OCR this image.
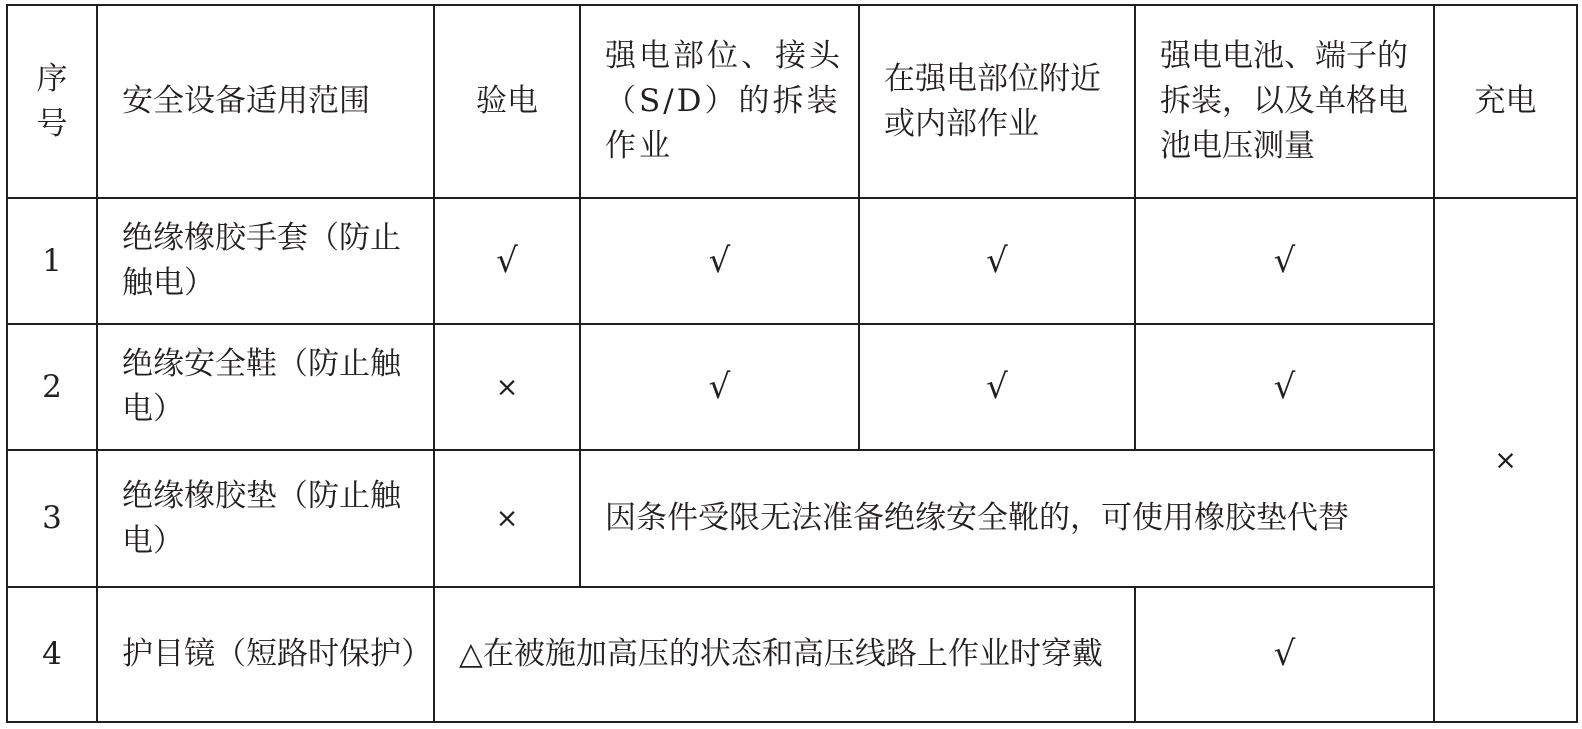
序号	安全设备适用范围	验电	强电部位、接头（S/D）的拆装作业	在强电部位附近或内部作业	强电电池、端子的拆装，以及单格电池电压测量	充电
1	绝缘橡胶手套（防止触电）	√	√	√	√	×
2	绝缘安全鞋（防止触电）	×	√	√	√	
3	绝缘橡胶垫（防止触电）	×	因条件受限无法准备绝缘安全靴的，可使用橡胶垫代替			
4	护目镜（短路时保护）	△在被施加高压的状态和高压线路上作业时穿戴			√	
